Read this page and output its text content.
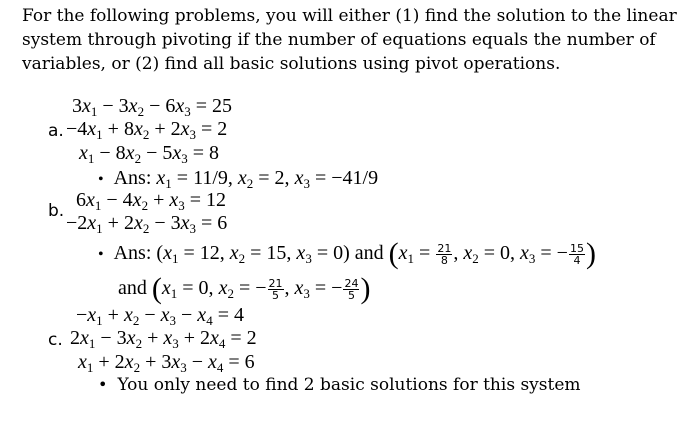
For the following problems, you will either (1) find the solution to the linear
system through pivoting if the number of equations equals the number of
variables, or (2) find all basic solutions using pivot operations.
$3x_1 - 3x_2 - 6x_3 = 25$
a. $-4x_1 + 8x_2 + 2x_3 = 2$
$x_1 - 8x_2 - 5x_3 = 8$
• Ans: $x_1 = 11/9$, $x_2 = 2$, $x_3 = -41/9$
$6x_1 - 4x_2 + x_3 = 12$
b.
$-2x_1 + 2x_2 - 3x_3 = 6$
• Ans: ($x_1 = 12$, $x_2 = 15$, $x_3 = 0$) and ($x_1 = \frac{21}{8}$ , $x_2 = 0$, $x_3$ = − $\frac{15}{4}$ )
and ($x_1 = 0$, $x_2$ = − $\frac{21}{5}$ , $x_3$ = − $\frac{24}{5}$ )
$-x_1 + x_2 - x_3 - x_4 = 4$
c. $2x_1 - 3x_2 + x_3 + 2x_4 = 2$
$x_1 + 2x_2 + 3x_3 - x_4 = 6$
• You only need to find 2 basic solutions for this system
